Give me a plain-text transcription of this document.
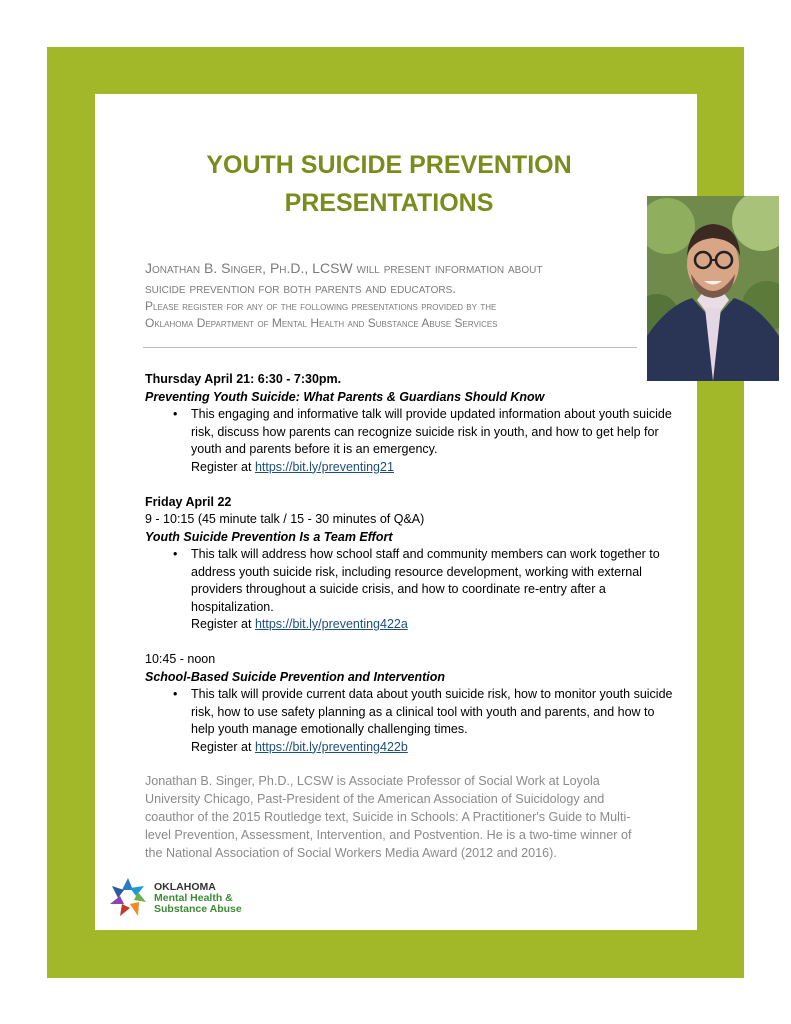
YOUTH SUICIDE PREVENTION
PRESENTATIONS
Jonathan B. Singer, Ph.D., LCSW will present information about
suicide prevention for both parents and educators.
Please register for any of the following presentations provided by the
Oklahoma Department of Mental Health and Substance Abuse Services

Thursday April 21: 6:30 - 7:30pm.

Preventing Youth Suicide: What Parents & Guardians Should Know

• This engaging and informative talk will provide updated information about youth suicide risk, discuss how parents can recognize suicide risk in youth, and how to get help for youth and parents before it is an emergency.
Register at https://bit.ly/preventing21

Friday April 22

9 - 10:15 (45 minute talk / 15 - 30 minutes of Q&A)

Youth Suicide Prevention Is a Team Effort

• This talk will address how school staff and community members can work together to address youth suicide risk, including resource development, working with external providers throughout a suicide crisis, and how to coordinate re-entry after a hospitalization.
Register at https://bit.ly/preventing422a

10:45 - noon

School-Based Suicide Prevention and Intervention

• This talk will provide current data about youth suicide risk, how to monitor youth suicide risk, how to use safety planning as a clinical tool with youth and parents, and how to help youth manage emotionally challenging times.
Register at https://bit.ly/preventing422b
Jonathan B. Singer, Ph.D., LCSW is Associate Professor of Social Work at Loyola University Chicago, Past-President of the American Association of Suicidology and coauthor of the 2015 Routledge text, Suicide in Schools: A Practitioner's Guide to Multi-level Prevention, Assessment, Intervention, and Postvention. He is a two-time winner of the National Association of Social Workers Media Award (2012 and 2016).
OKLAHOMA
Mental Health &
Substance Abuse
